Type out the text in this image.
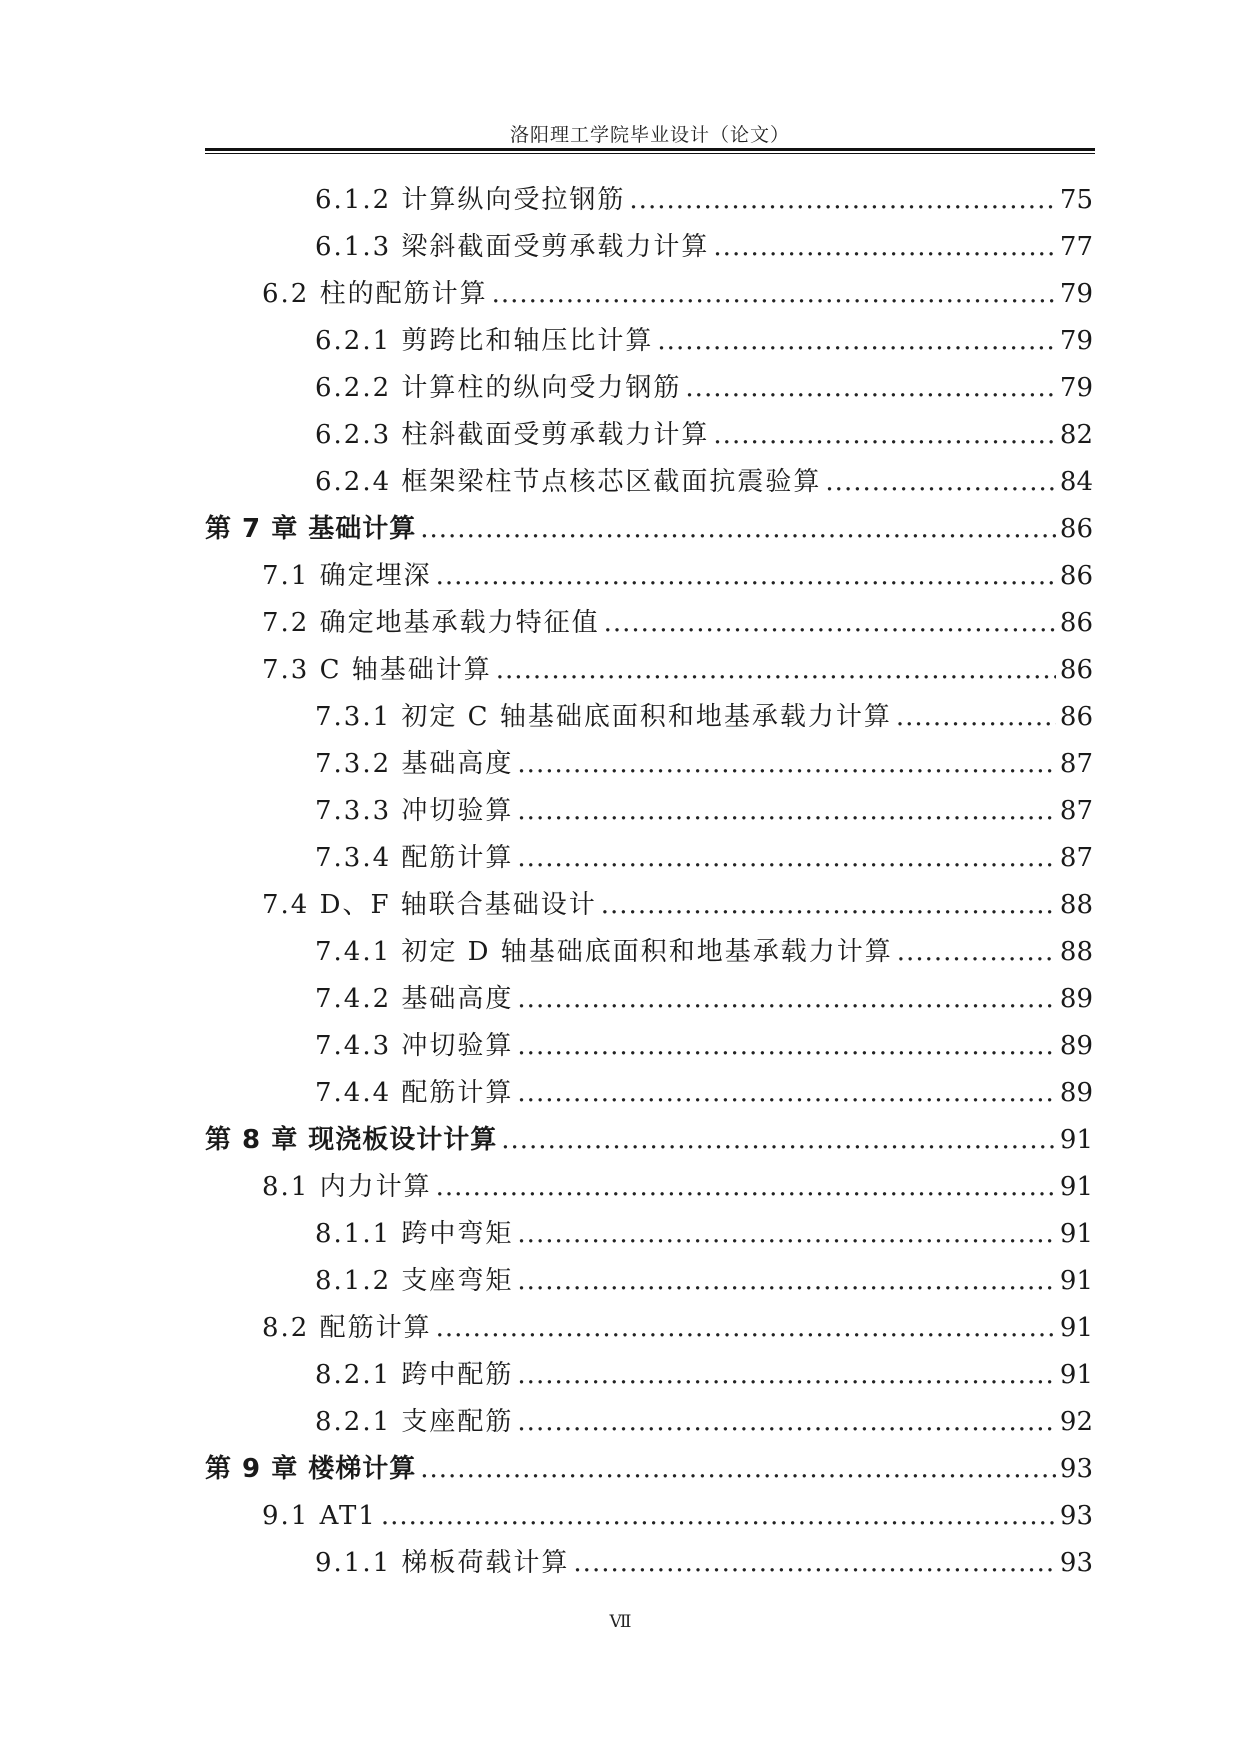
洛阳理工学院毕业设计（论文）
6.1.2 计算纵向受拉钢筋 .....	75
6.1.3 梁斜截面受剪承载力计算 .....	77
6.2 柱的配筋计算 .....	79
6.2.1 剪跨比和轴压比计算 .....	79
6.2.2 计算柱的纵向受力钢筋 .....	79
6.2.3 柱斜截面受剪承载力计算 .....	82
6.2.4 框架梁柱节点核芯区截面抗震验算 .....	84
第 7 章 基础计算 .....	86
7.1 确定埋深 .....	86
7.2 确定地基承载力特征值 .....	86
7.3 C 轴基础计算 .....	86
7.3.1 初定 C 轴基础底面积和地基承载力计算 .....	86
7.3.2 基础高度 .....	87
7.3.3 冲切验算 .....	87
7.3.4 配筋计算 .....	87
7.4 D、F 轴联合基础设计 .....	88
7.4.1 初定 D 轴基础底面积和地基承载力计算 .....	88
7.4.2 基础高度 .....	89
7.4.3 冲切验算 .....	89
7.4.4 配筋计算 .....	89
第 8 章 现浇板设计计算 .....	91
8.1 内力计算 .....	91
8.1.1 跨中弯矩 .....	91
8.1.2 支座弯矩 .....	91
8.2 配筋计算 .....	91
8.2.1 跨中配筋 .....	91
8.2.1 支座配筋 .....	92
第 9 章 楼梯计算 .....	93
9.1 AT1 .....	93
9.1.1 梯板荷载计算 .....	93
Ⅶ
